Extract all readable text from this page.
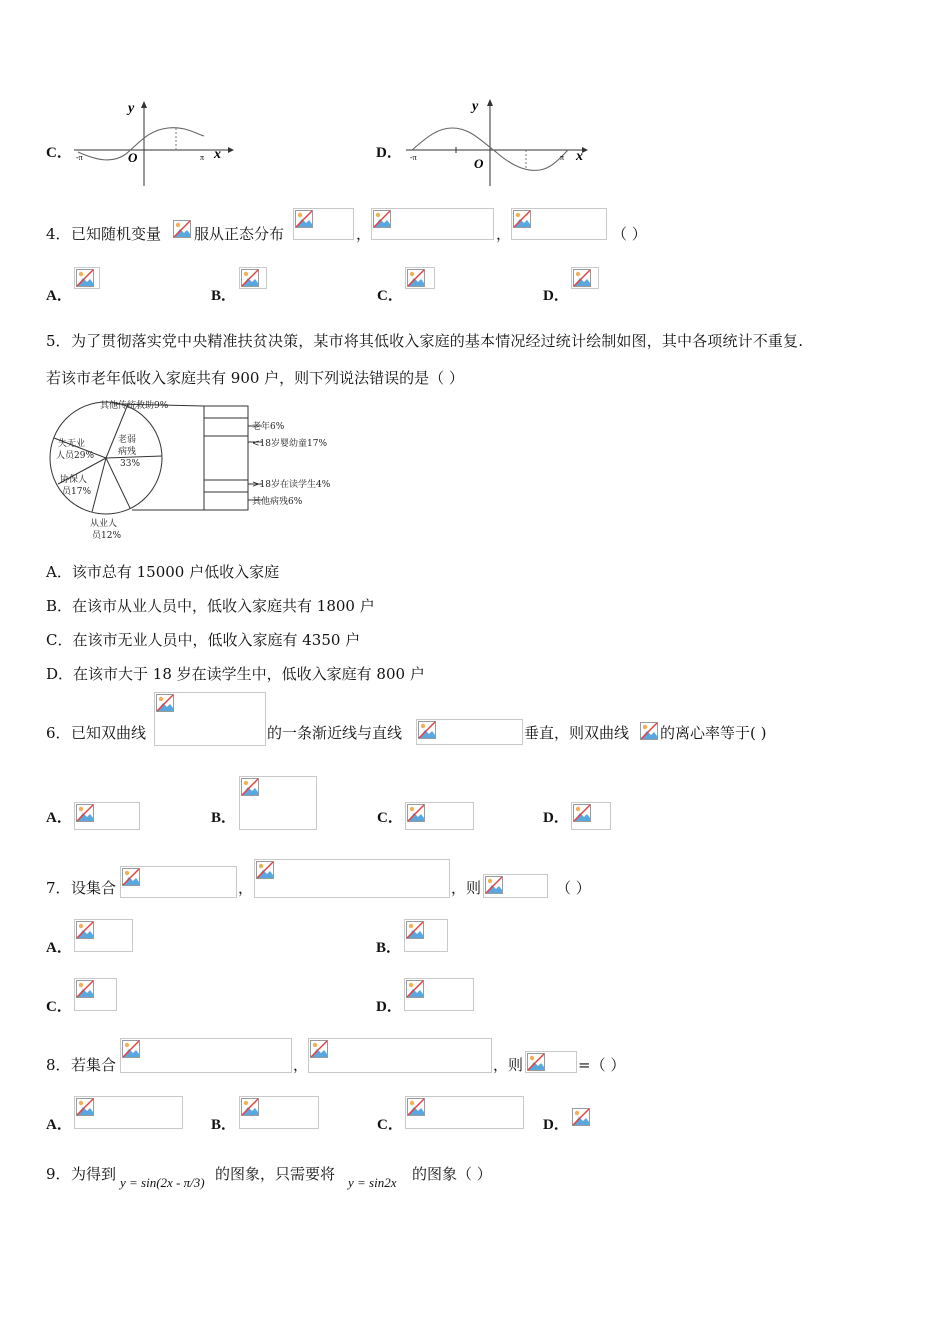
C．
y
x
O
-π	π	D．
y
x
O
-π	π
4． 已知随机变量 服从正态分布	，	，	（ ）
A．	B．	C．	D．
5． 为了贯彻落实党中央精准扶贫决策，某市将其低收入家庭的基本情况经过统计绘制如图，其中各项统计不重复.
若该市老年低收入家庭共有 900 户，则下列说法错误的是（ ）
其他传统救助9%
失无业
人员29%
老弱
病残
33%
协保人
员17%
从业人
员12%
老年6%
<18岁婴幼童17%
>18岁在读学生4%
其他病残6%
A．该市总有 15000 户低收入家庭
B．在该市从业人员中，低收入家庭共有 1800 户
C．在该市无业人员中，低收入家庭有 4350 户
D．在该市大于 18 岁在读学生中，低收入家庭有 800 户
6． 已知双曲线	的一条渐近线与直线	垂直，则双曲线 的离心率等于( )
A．	B．	C．	D．
7． 设集合	，	，则	（ ）
A．	B．
C．	D．
8． 若集合	，	，则	=（ ）
A．	B．	C．	D．
9． 为得到 y = sin(2x - π/3) 的图象，只需要将 y = sin2x 的图象（ ）
